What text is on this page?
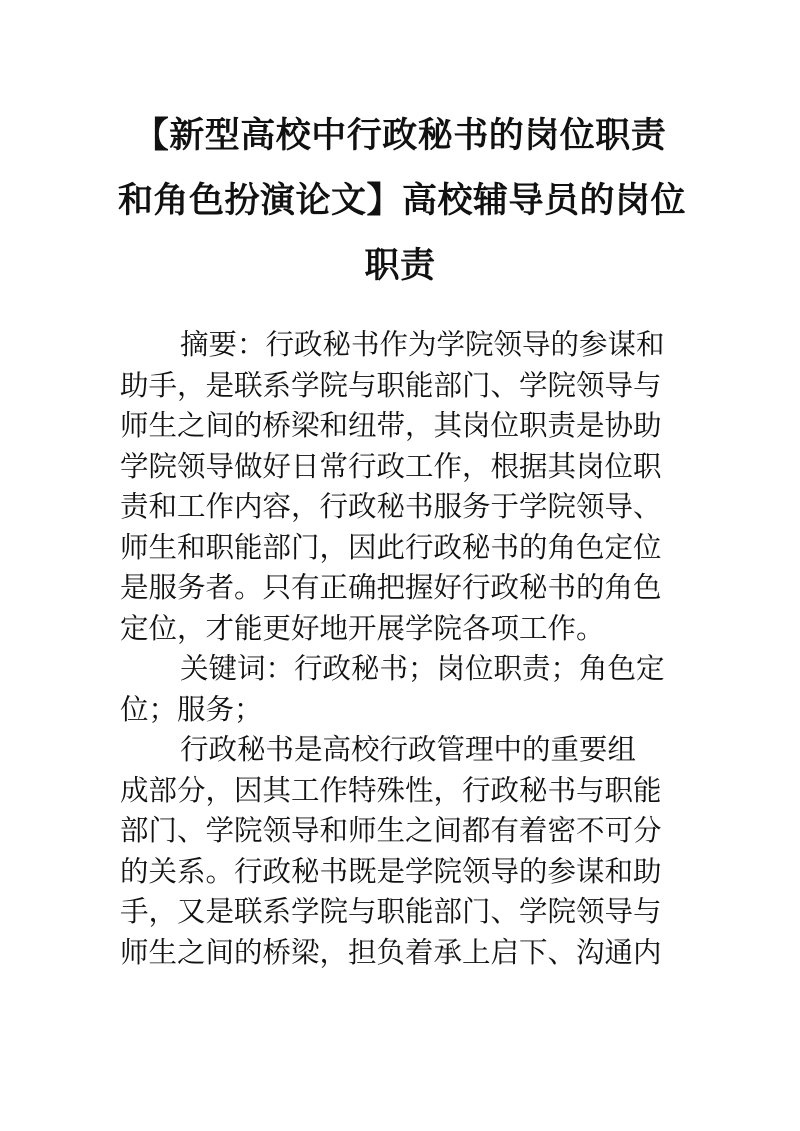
【新型高校中行政秘书的岗位职责
和角色扮演论文】高校辅导员的岗位
职责
摘要：行政秘书作为学院领导的参谋和
助手，是联系学院与职能部门、学院领导与
师生之间的桥梁和纽带，其岗位职责是协助
学院领导做好日常行政工作，根据其岗位职
责和工作内容，行政秘书服务于学院领导、
师生和职能部门，因此行政秘书的角色定位
是服务者。只有正确把握好行政秘书的角色
定位，才能更好地开展学院各项工作。
关键词：行政秘书；岗位职责；角色定
位；服务；
行政秘书是高校行政管理中的重要组
成部分，因其工作特殊性，行政秘书与职能
部门、学院领导和师生之间都有着密不可分
的关系。行政秘书既是学院领导的参谋和助
手，又是联系学院与职能部门、学院领导与
师生之间的桥梁，担负着承上启下、沟通内
